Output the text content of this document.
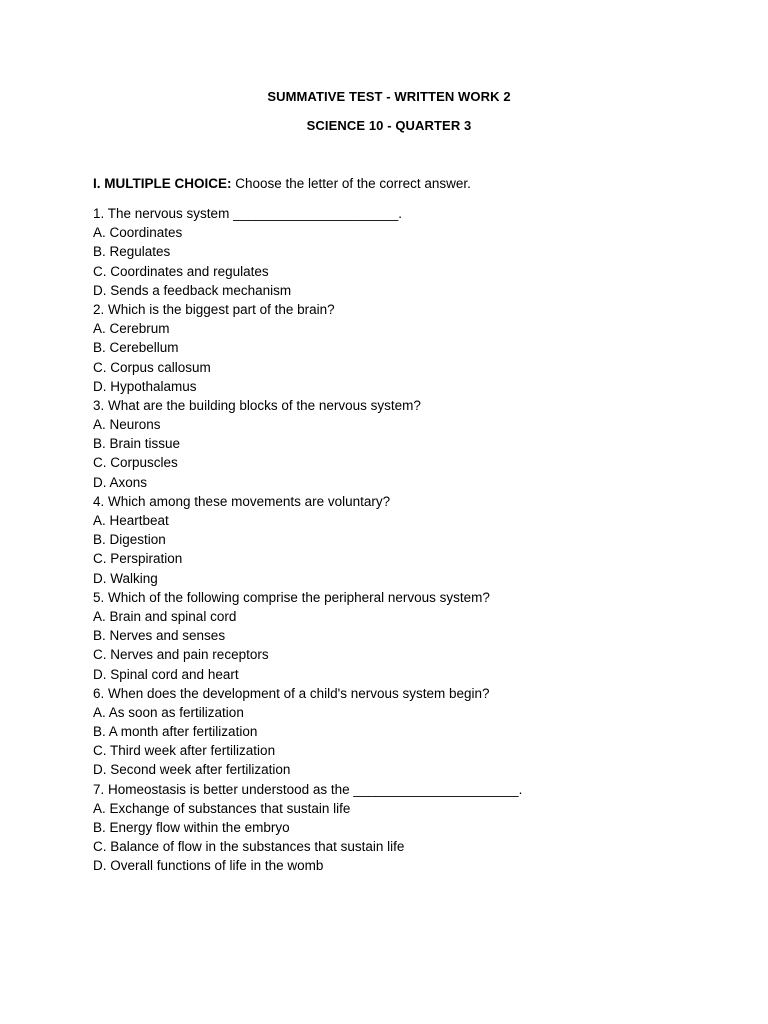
SUMMATIVE TEST - WRITTEN WORK 2
SCIENCE 10 - QUARTER 3
I. MULTIPLE CHOICE: Choose the letter of the correct answer.
1. The nervous system ______________________.
A. Coordinates
B. Regulates
C. Coordinates and regulates
D. Sends a feedback mechanism
2. Which is the biggest part of the brain?
A. Cerebrum
B. Cerebellum
C. Corpus callosum
D. Hypothalamus
3. What are the building blocks of the nervous system?
A. Neurons
B. Brain tissue
C. Corpuscles
D. Axons
4. Which among these movements are voluntary?
A. Heartbeat
B. Digestion
C. Perspiration
D. Walking
5. Which of the following comprise the peripheral nervous system?
A. Brain and spinal cord
B. Nerves and senses
C. Nerves and pain receptors
D. Spinal cord and heart
6. When does the development of a child's nervous system begin?
A. As soon as fertilization
B. A month after fertilization
C. Third week after fertilization
D. Second week after fertilization
7. Homeostasis is better understood as the ______________________.
A. Exchange of substances that sustain life
B. Energy flow within the embryo
C. Balance of flow in the substances that sustain life
D. Overall functions of life in the womb
